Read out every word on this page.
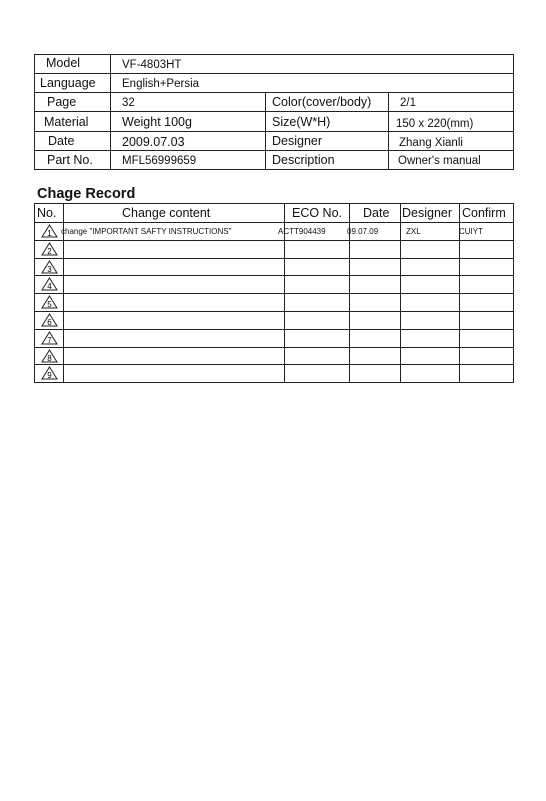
Model	VF-4803HT
Language English+Persia
Page	32	Color(cover/body) 2/1
Material	Weight 100g	Size(W*H)	150 x 220(mm)
Date	2009.07.03	Designer	Zhang Xianli
Part No.	MFL56999659	Description	Owner's manual
Chage Record
No.	Change content	ECO No. Date Designer Confirm
1 change "IMPORTANT SAFTY INSTRUCTIONS"	ACTT904439	09.07.09	ZXL	CUIYT
2
3
4
5
6
7
8
9
